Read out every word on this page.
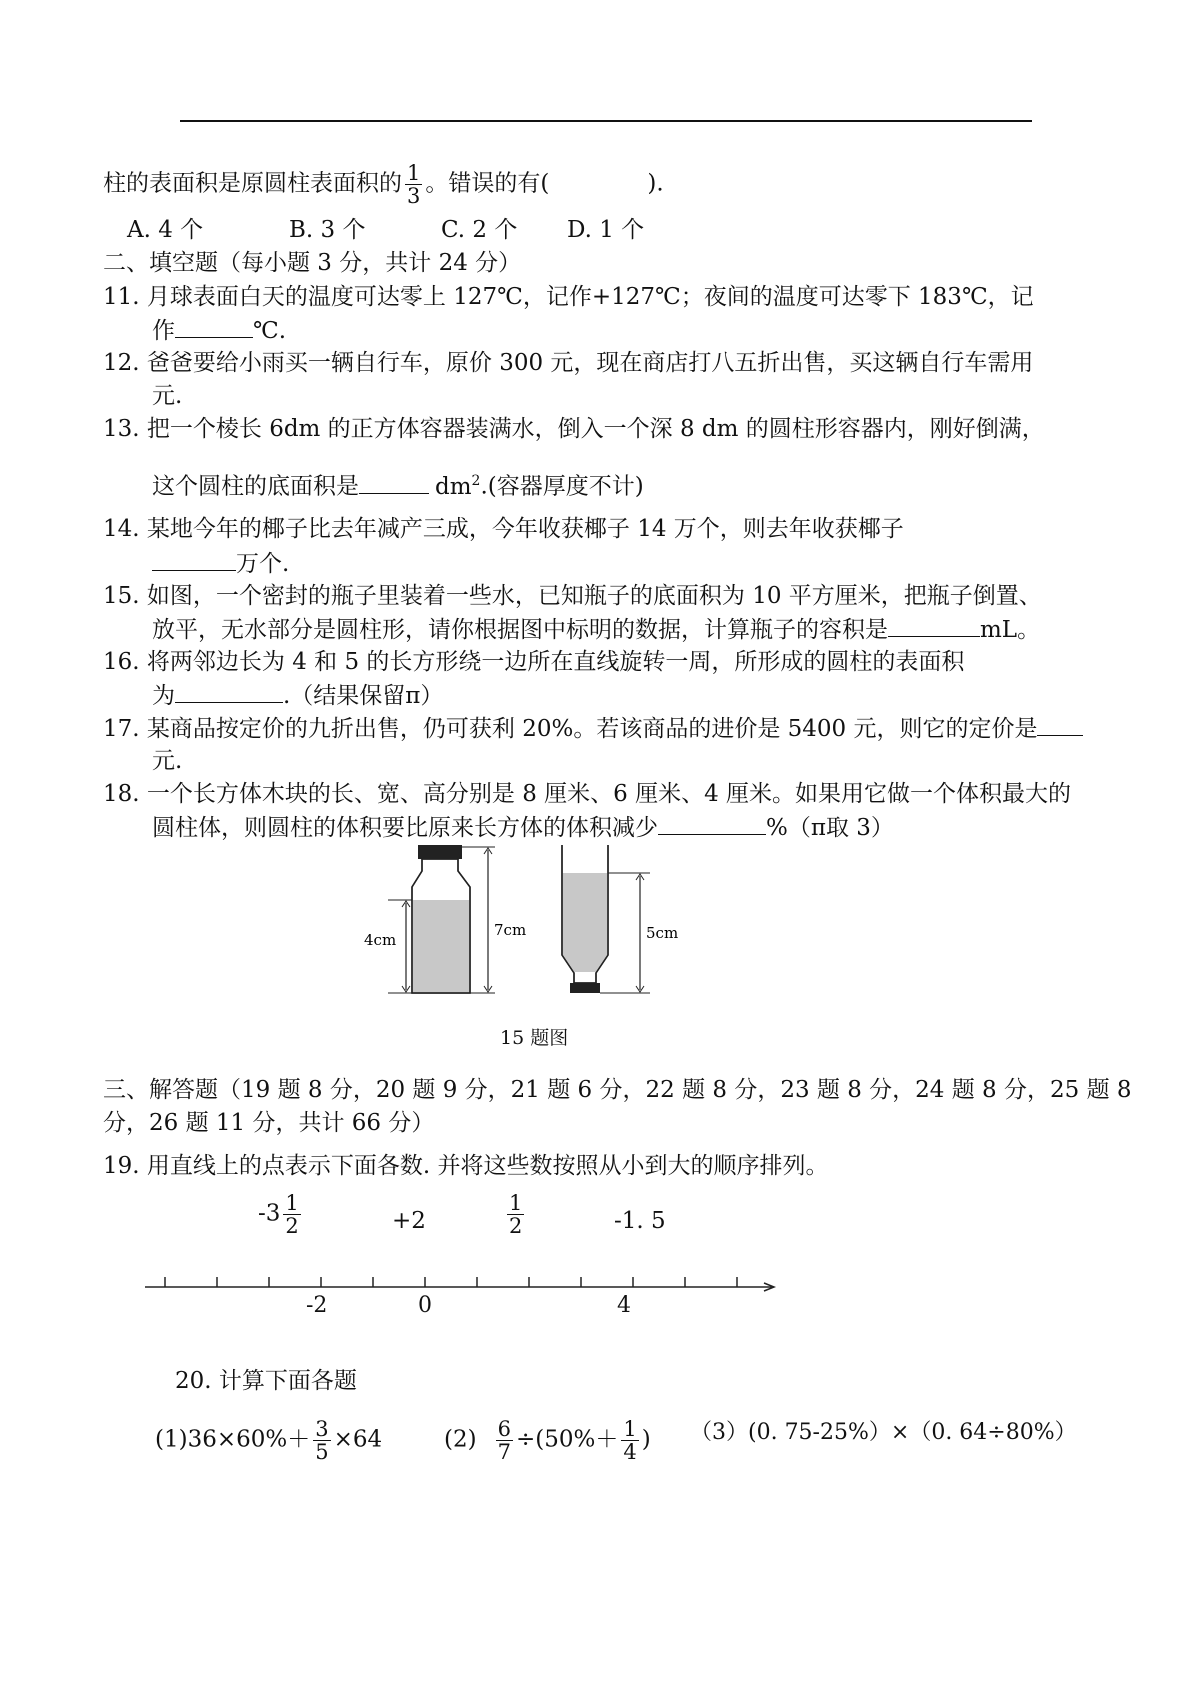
柱的表面积是原圆柱表面积的 $\frac{1}{3}$ 。错误的有(	).
A. 4 个	B. 3 个	C. 2 个 D. 1 个
二、填空题（每小题 3 分，共计 24 分）
11. 月球表面白天的温度可达零上 127℃，记作+127℃；夜间的温度可达零下 183℃，记
作	℃.
12. 爸爸要给小雨买一辆自行车，原价 300 元，现在商店打八五折出售，买这辆自行车需用
元.
13. 把一个棱长 6dm 的正方体容器装满水，倒入一个深 8 dm 的圆柱形容器内，刚好倒满，
这个圆柱的底面积是	$dm^2$.(容器厚度不计)
14. 某地今年的椰子比去年减产三成，今年收获椰子 14 万个，则去年收获椰子
万个.
15. 如图，一个密封的瓶子里装着一些水，已知瓶子的底面积为 10 平方厘米，把瓶子倒置、
放平，无水部分是圆柱形，请你根据图中标明的数据，计算瓶子的容积是	mL。
16. 将两邻边长为 4 和 5 的长方形绕一边所在直线旋转一周，所形成的圆柱的表面积
为	.（结果保留π）
17. 某商品按定价的九折出售，仍可获利 20%。若该商品的进价是 5400 元，则它的定价是
元.
18. 一个长方体木块的长、宽、高分别是 8 厘米、6 厘米、4 厘米。如果用它做一个体积最大的
圆柱体，则圆柱的体积要比原来长方体的体积减少	%（π取 3）
4cm
7cm	5cm
15 题图
三、解答题（19 题 8 分，20 题 9 分，21 题 6 分，22 题 8 分，23 题 8 分，24 题 8 分，25 题 8
分，26 题 11 分，共计 66 分）
19. 用直线上的点表示下面各数. 并将这些数按照从小到大的顺序排列。
$-3 \frac{1}{2}$	+2	$\frac{1}{2}$	-1. 5
-2	0	4
20. 计算下面各题
$(1)36\times 60\%+ \frac{3}{5} \times 64$	$(2) \frac{6}{7} \div(50\%+ \frac{1}{4}$ ) （3）(0. 75-25%）×（0. 64÷80%）
